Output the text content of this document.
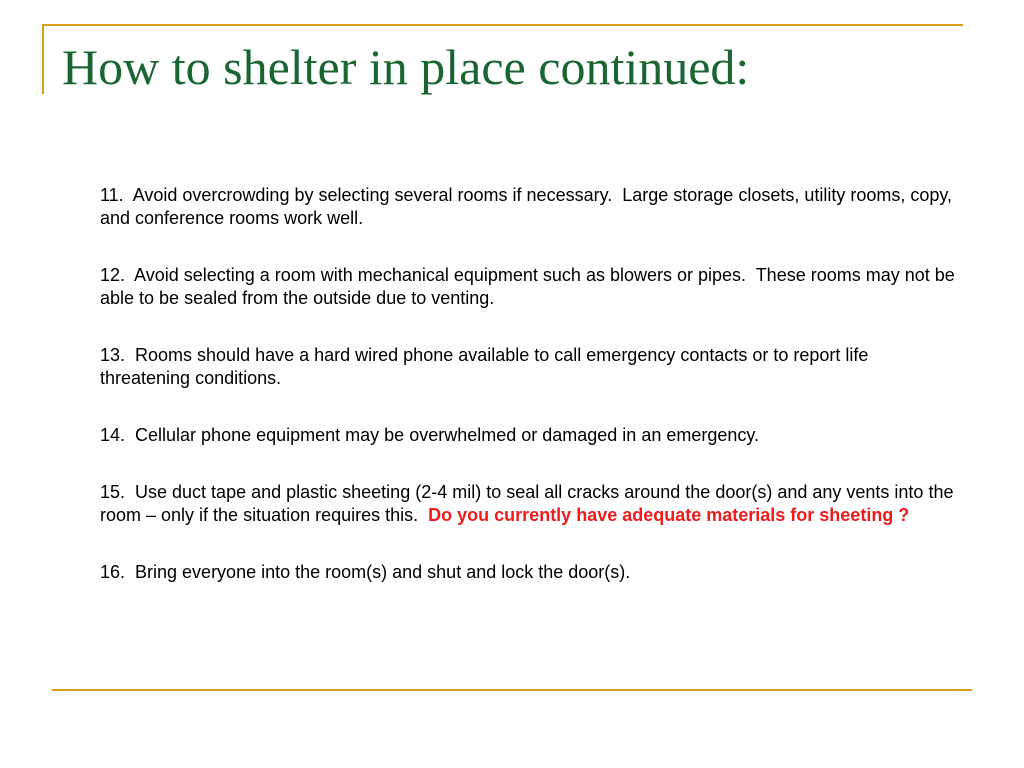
How to shelter in place continued:

11.  Avoid overcrowding by selecting several rooms if necessary.  Large storage closets, utility rooms, copy, and conference rooms work well.

12.  Avoid selecting a room with mechanical equipment such as blowers or pipes.  These rooms may not be able to be sealed from the outside due to venting.

13.  Rooms should have a hard wired phone available to call emergency contacts or to report life threatening conditions.

14.  Cellular phone equipment may be overwhelmed or damaged in an emergency.

15.  Use duct tape and plastic sheeting (2-4 mil) to seal all cracks around the door(s) and any vents into the room – only if the situation requires this.  Do you currently have adequate materials for sheeting ?

16.  Bring everyone into the room(s) and shut and lock the door(s).
